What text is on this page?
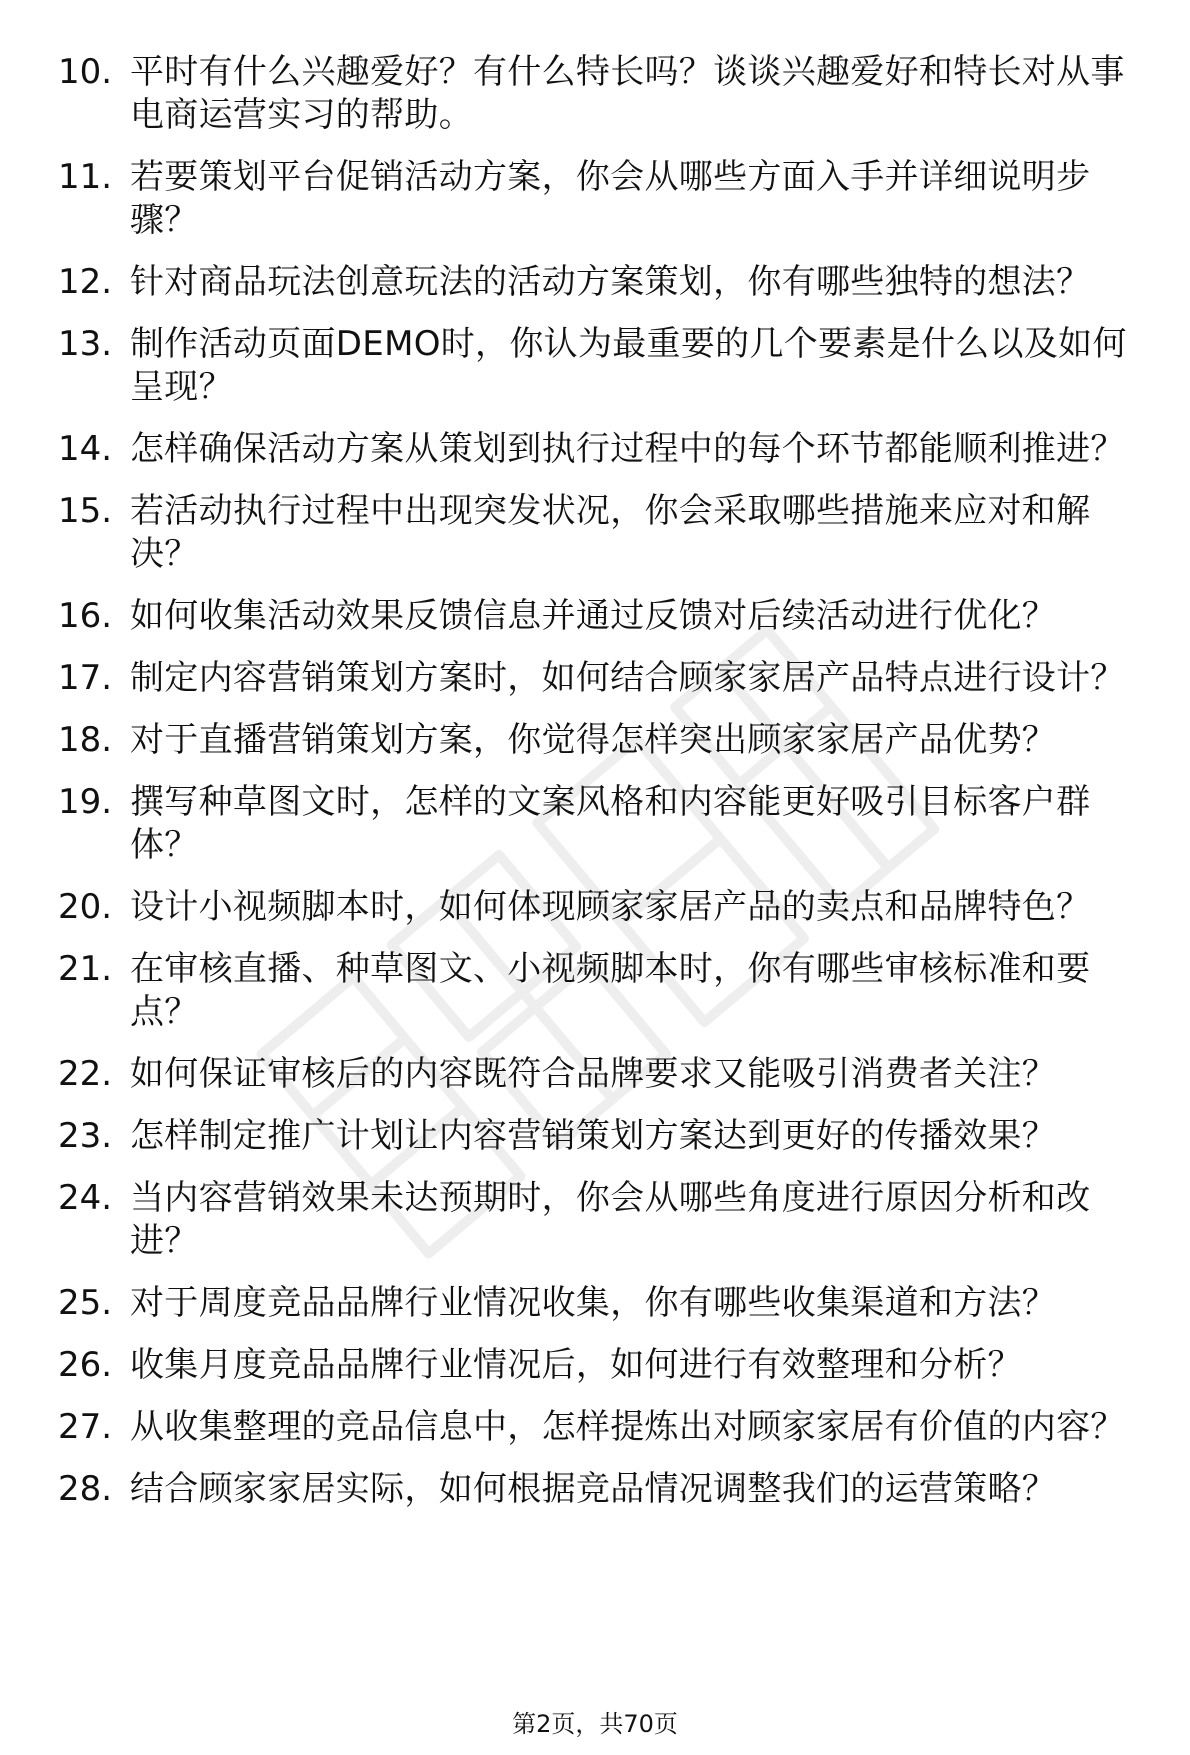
10. 平时有什么兴趣爱好？有什么特长吗？谈谈兴趣爱好和特长对从事电商运营实习的帮助。
11. 若要策划平台促销活动方案，你会从哪些方面入手并详细说明步骤？
12. 针对商品玩法创意玩法的活动方案策划，你有哪些独特的想法？
13. 制作活动页面DEMO时，你认为最重要的几个要素是什么以及如何呈现？
14. 怎样确保活动方案从策划到执行过程中的每个环节都能顺利推进？
15. 若活动执行过程中出现突发状况，你会采取哪些措施来应对和解决？
16. 如何收集活动效果反馈信息并通过反馈对后续活动进行优化？
17. 制定内容营销策划方案时，如何结合顾家家居产品特点进行设计？
18. 对于直播营销策划方案，你觉得怎样突出顾家家居产品优势？
19. 撰写种草图文时，怎样的文案风格和内容能更好吸引目标客户群体？
20. 设计小视频脚本时，如何体现顾家家居产品的卖点和品牌特色？
21. 在审核直播、种草图文、小视频脚本时，你有哪些审核标准和要点？
22. 如何保证审核后的内容既符合品牌要求又能吸引消费者关注？
23. 怎样制定推广计划让内容营销策划方案达到更好的传播效果？
24. 当内容营销效果未达预期时，你会从哪些角度进行原因分析和改进？
25. 对于周度竞品品牌行业情况收集，你有哪些收集渠道和方法？
26. 收集月度竞品品牌行业情况后，如何进行有效整理和分析？
27. 从收集整理的竞品信息中，怎样提炼出对顾家家居有价值的内容？
28. 结合顾家家居实际，如何根据竞品情况调整我们的运营策略？
第2页，共70页
